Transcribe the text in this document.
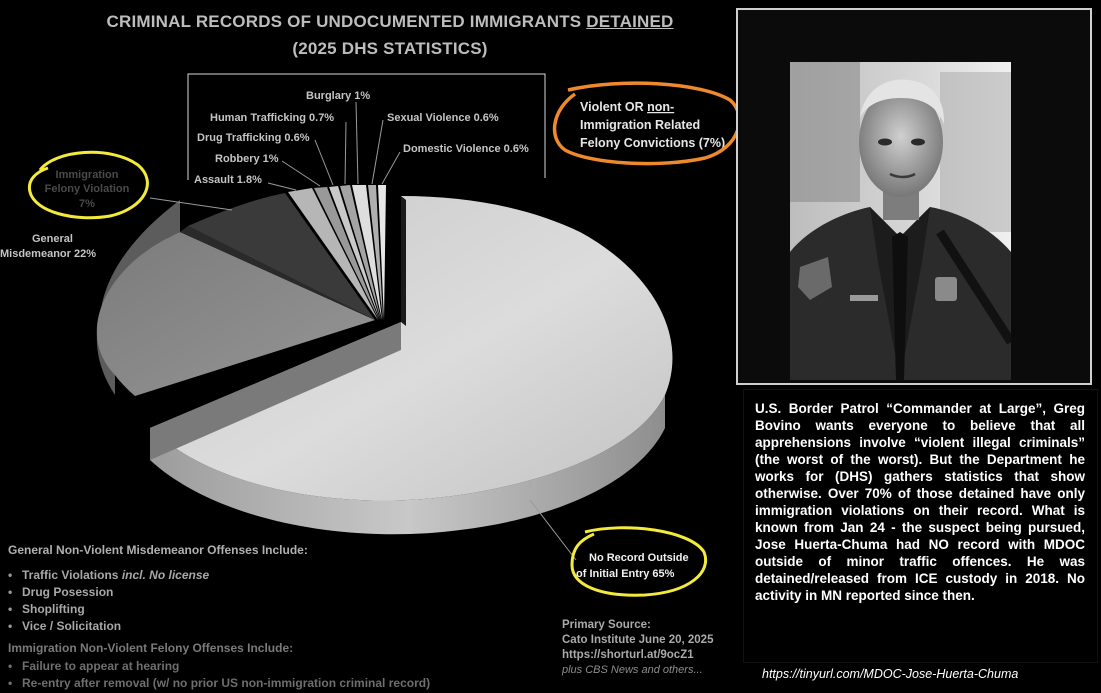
CRIMINAL RECORDS OF UNDOCUMENTED IMMIGRANTS DETAINED
(2025 DHS STATISTICS)
Burglary 1%
Human Trafficking 0.7%	Sexual Violence 0.6%
Drug Trafficking 0.6%
Domestic Violence 0.6%
Robbery 1%
Assault 1.8%
Immigration
Felony Violation
7%
General
Misdemeanor 22%
Violent OR non-
Immigration Related
Felony Convictions (7%)
No Record Outside
of Initial Entry 65%
General Non-Violent Misdemeanor Offenses Include:
• Traffic Violations incl. No license
• Drug Posession
• Shoplifting
• Vice / Solicitation
Immigration Non-Violent Felony Offenses Include:
• Failure to appear at hearing
• Re-entry after removal (w/ no prior US non-immigration criminal record)
Primary Source:
Cato Institute June 20, 2025
https://shorturl.at/9ocZ1
plus CBS News and others...
U.S. Border Patrol “Commander at Large”, Greg Bovino wants everyone to believe that all apprehensions involve “violent illegal criminals” (the worst of the worst). But the Department he works for (DHS) gathers statistics that show otherwise. Over 70% of those detained have only immigration violations on their record. What is known from Jan 24 - the suspect being pursued, Jose Huerta-Chuma had NO record with MDOC outside of minor traffic offences. He was detained/released from ICE custody in 2018. No activity in MN reported since then.
https://tinyurl.com/MDOC-Jose-Huerta-Chuma
